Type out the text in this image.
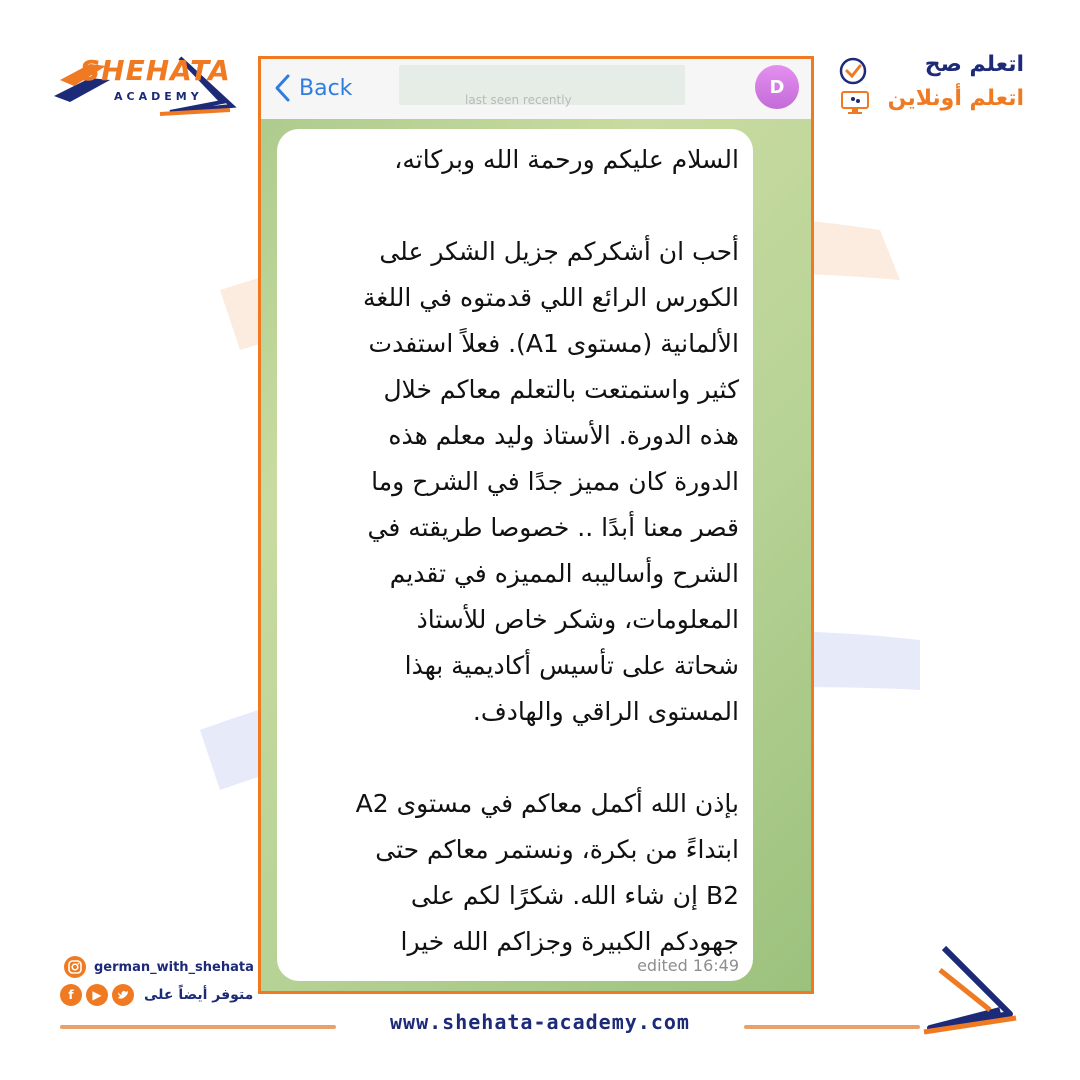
SHEHATA
ACADEMY
اتعلم صح
اتعلم أونلاين
Back	last seen recently
D
السلام عليكم ورحمة الله وبركاته،

أحب ان أشكركم جزيل الشكر على
الكورس الرائع اللي قدمتوه في اللغة
الألمانية (مستوى A1). فعلاً استفدت
كثير واستمتعت بالتعلم معاكم خلال
هذه الدورة. الأستاذ وليد معلم هذه
الدورة كان مميز جدًا في الشرح وما
قصر معنا أبدًا .. خصوصا طريقته في
الشرح وأساليبه المميزه في تقديم
المعلومات، وشكر خاص للأستاذ
شحاتة على تأسيس أكاديمية بهذا
المستوى الراقي والهادف.

بإذن الله أكمل معاكم في مستوى A2
ابتداءً من بكرة، ونستمر معاكم حتى
B2 إن شاء الله. شكرًا لكم على
جهودكم الكبيرة وجزاكم الله خيرا
edited 16:49
german_with_shehata
f	▶	متوفر أيضاً على
www.shehata-academy.com
